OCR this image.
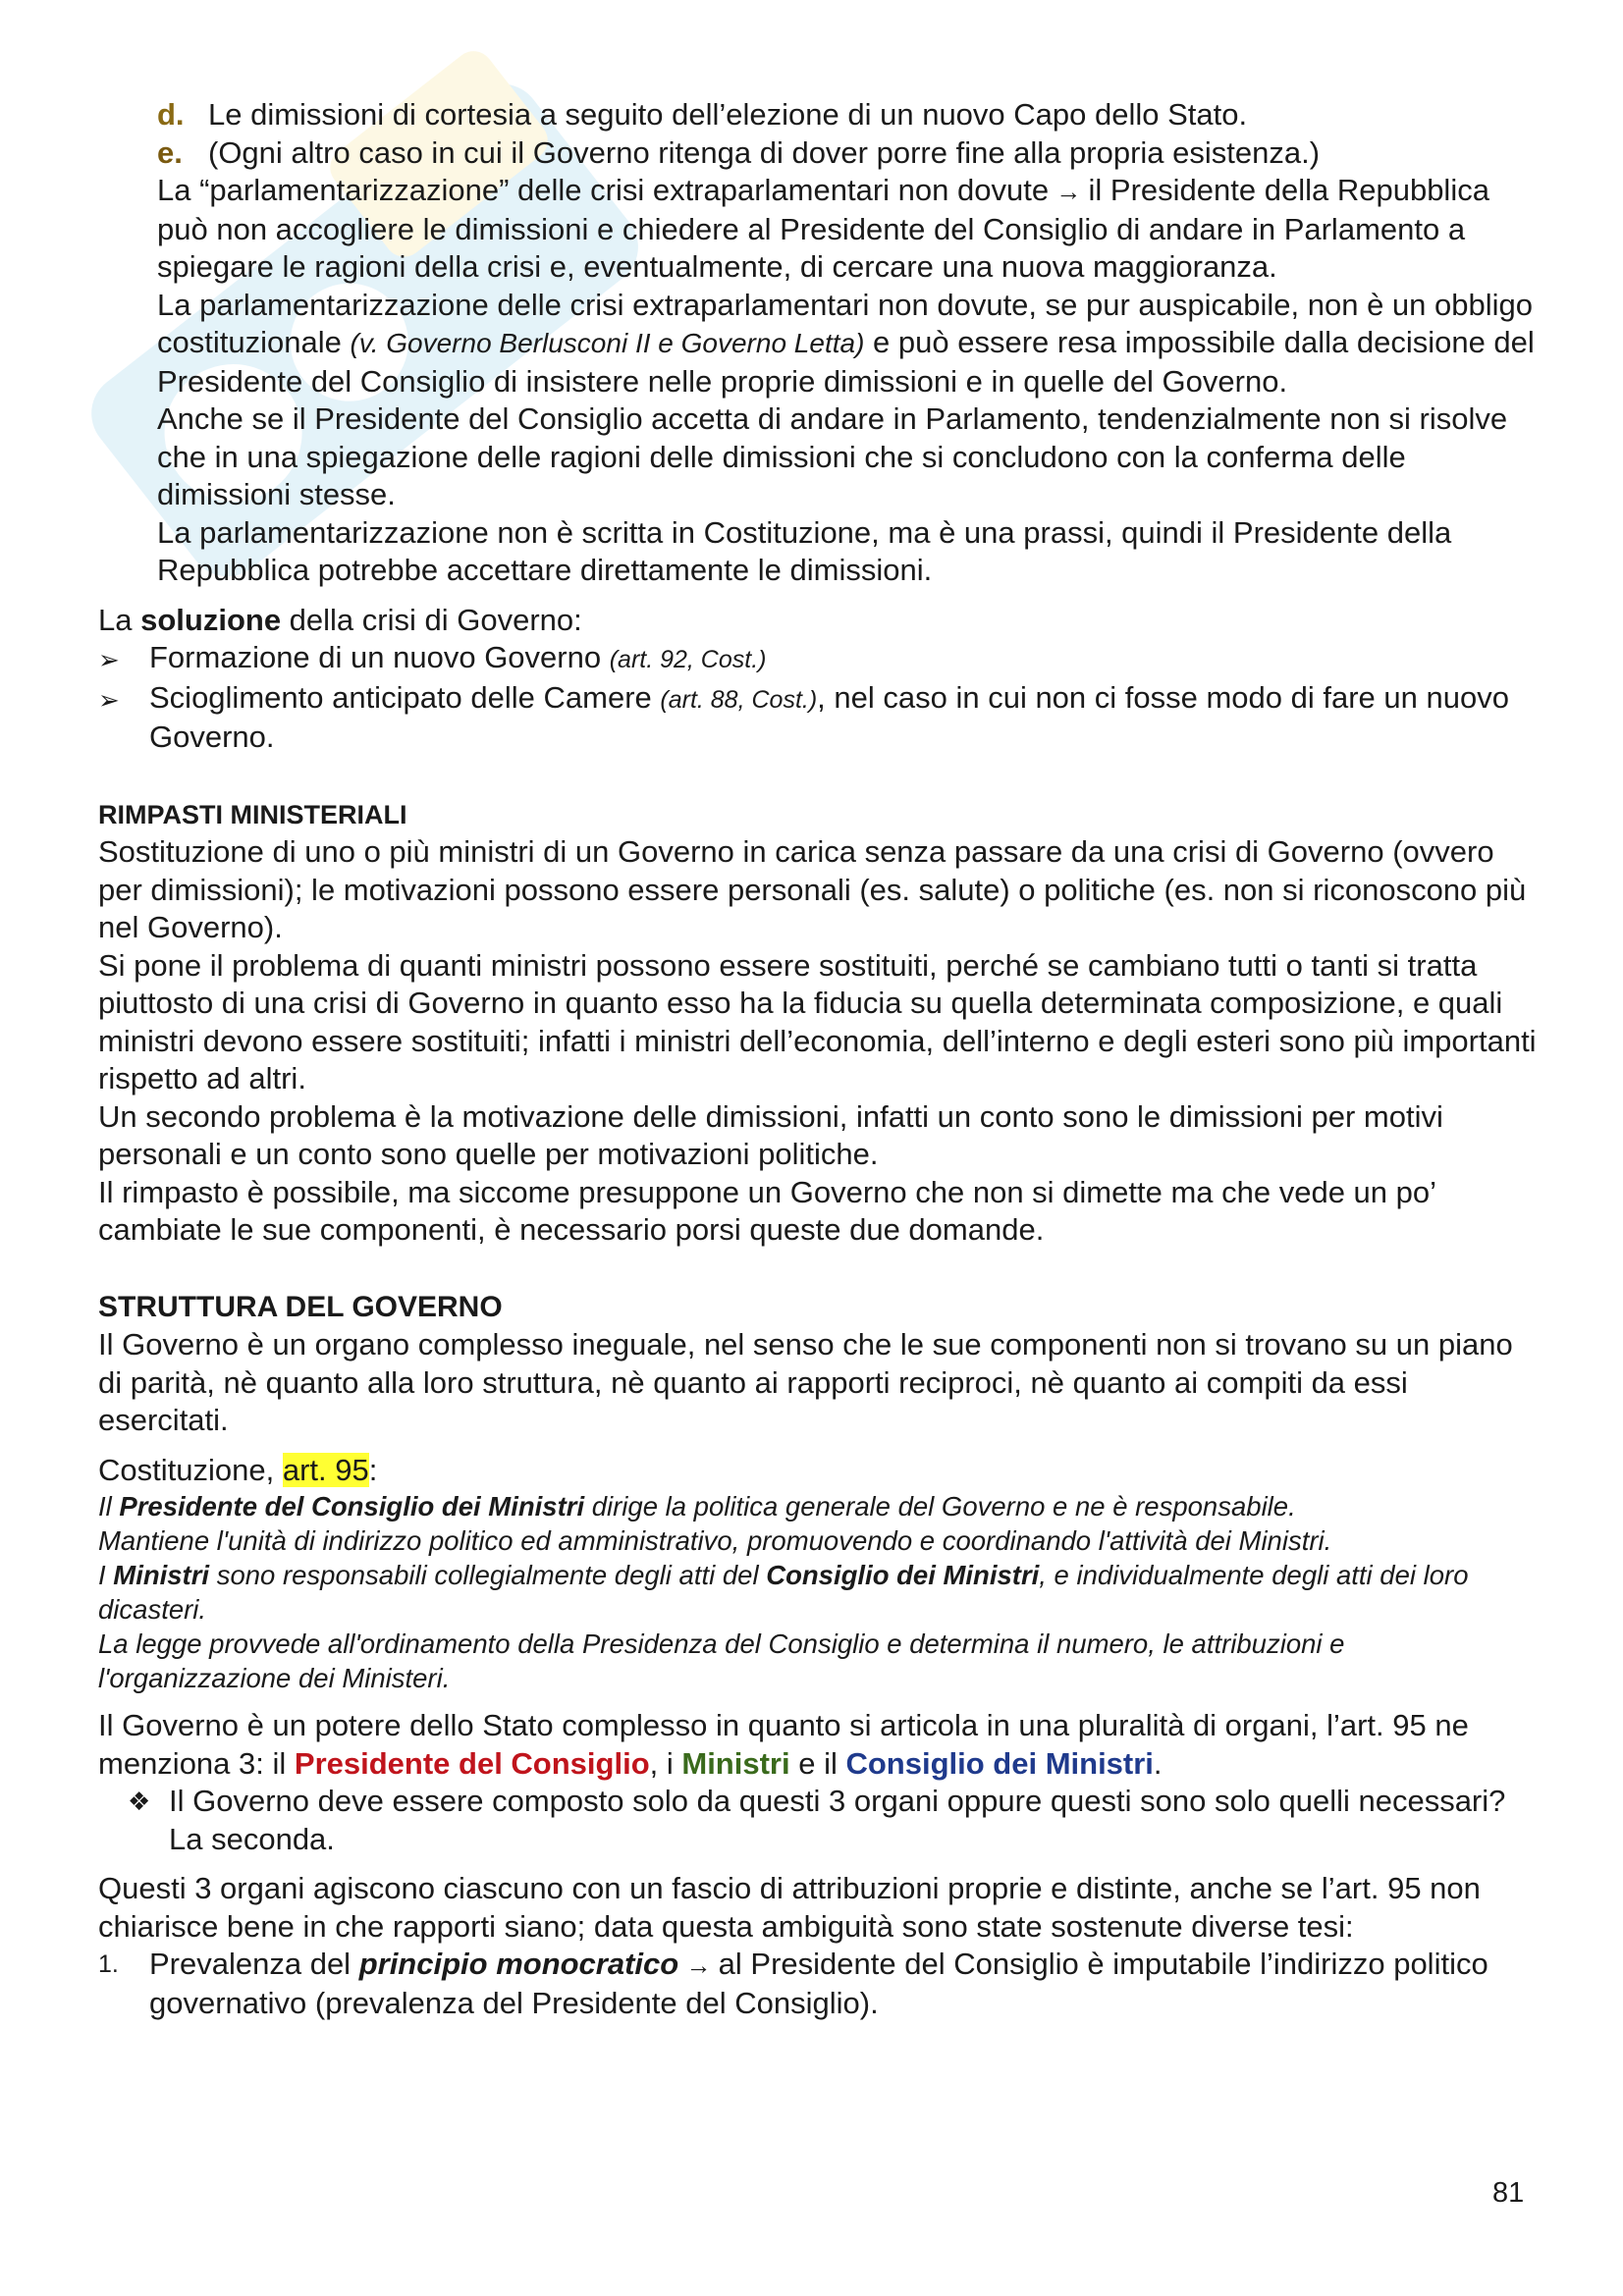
d. Le dimissioni di cortesia a seguito dell’elezione di un nuovo Capo dello Stato.
e. (Ogni altro caso in cui il Governo ritenga di dover porre fine alla propria esistenza.)

La “parlamentarizzazione” delle crisi extraparlamentari non dovute → il Presidente della Repubblica può non accogliere le dimissioni e chiedere al Presidente del Consiglio di andare in Parlamento a spiegare le ragioni della crisi e, eventualmente, di cercare una nuova maggioranza.

La parlamentarizzazione delle crisi extraparlamentari non dovute, se pur auspicabile, non è un obbligo costituzionale (v. Governo Berlusconi II e Governo Letta) e può essere resa impossibile dalla decisione del Presidente del Consiglio di insistere nelle proprie dimissioni e in quelle del Governo.

Anche se il Presidente del Consiglio accetta di andare in Parlamento, tendenzialmente non si risolve che in una spiegazione delle ragioni delle dimissioni che si concludono con la conferma delle dimissioni stesse.

La parlamentarizzazione non è scritta in Costituzione, ma è una prassi, quindi il Presidente della Repubblica potrebbe accettare direttamente le dimissioni.

La soluzione della crisi di Governo:

➢ Formazione di un nuovo Governo (art. 92, Cost.)
➢ Scioglimento anticipato delle Camere (art. 88, Cost.), nel caso in cui non ci fosse modo di fare un nuovo Governo.

RIMPASTI MINISTERIALI

Sostituzione di uno o più ministri di un Governo in carica senza passare da una crisi di Governo (ovvero per dimissioni); le motivazioni possono essere personali (es. salute) o politiche (es. non si riconoscono più nel Governo).

Si pone il problema di quanti ministri possono essere sostituiti, perché se cambiano tutti o tanti si tratta piuttosto di una crisi di Governo in quanto esso ha la fiducia su quella determinata composizione, e quali ministri devono essere sostituiti; infatti i ministri dell’economia, dell’interno e degli esteri sono più importanti rispetto ad altri.

Un secondo problema è la motivazione delle dimissioni, infatti un conto sono le dimissioni per motivi personali e un conto sono quelle per motivazioni politiche.

Il rimpasto è possibile, ma siccome presuppone un Governo che non si dimette ma che vede un po’ cambiate le sue componenti, è necessario porsi queste due domande.

STRUTTURA DEL GOVERNO

Il Governo è un organo complesso ineguale, nel senso che le sue componenti non si trovano su un piano di parità, nè quanto alla loro struttura, nè quanto ai rapporti reciproci, nè quanto ai compiti da essi esercitati.

Costituzione, art. 95:

Il Presidente del Consiglio dei Ministri dirige la politica generale del Governo e ne è responsabile.

Mantiene l'unità di indirizzo politico ed amministrativo, promuovendo e coordinando l'attività dei Ministri.

I Ministri sono responsabili collegialmente degli atti del Consiglio dei Ministri, e individualmente degli atti dei loro dicasteri.

La legge provvede all'ordinamento della Presidenza del Consiglio e determina il numero, le attribuzioni e l'organizzazione dei Ministeri.

Il Governo è un potere dello Stato complesso in quanto si articola in una pluralità di organi, l’art. 95 ne menziona 3: il Presidente del Consiglio, i Ministri e il Consiglio dei Ministri.

❖ Il Governo deve essere composto solo da questi 3 organi oppure questi sono solo quelli necessari?

La seconda.

Questi 3 organi agiscono ciascuno con un fascio di attribuzioni proprie e distinte, anche se l’art. 95 non chiarisce bene in che rapporti siano; data questa ambiguità sono state sostenute diverse tesi:

1.	Prevalenza del principio monocratico → al Presidente del Consiglio è imputabile l’indirizzo politico governativo (prevalenza del Presidente del Consiglio).
81
